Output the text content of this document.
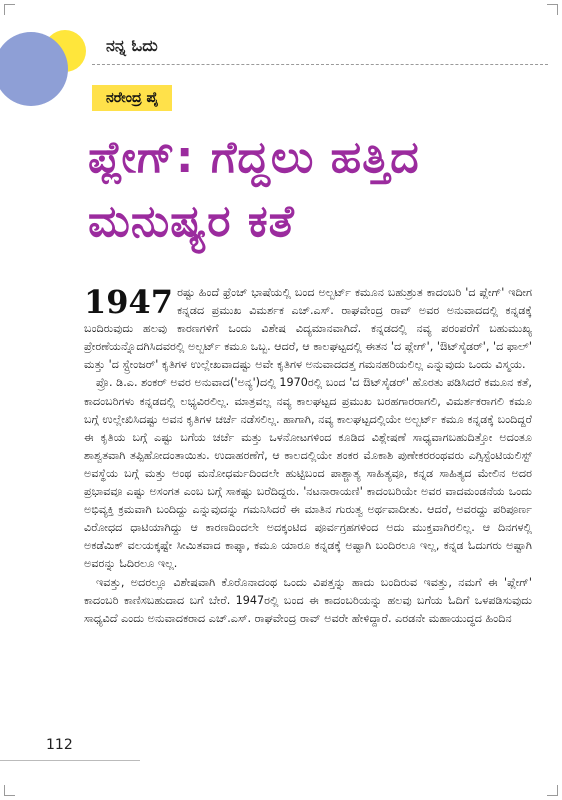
ನನ್ನ ಓದು
ನರೇಂದ್ರ ಪೈ
ಪ್ಲೇಗ್: ಗೆದ್ದಲು ಹತ್ತಿದ ಮನುಷ್ಯರ ಕತೆ

1947 ರಷ್ಟು ಹಿಂದೆ ಫ್ರೆಂಚ್ ಭಾಷೆಯಲ್ಲಿ ಬಂದ ಅಲ್ಬರ್ಟ್ ಕಮೂನ ಬಹುಶ್ರುತ ಕಾದಂಬರಿ 'ದ ಪ್ಲೇಗ್' ಇದೀಗ ಕನ್ನಡದ ಪ್ರಮುಖ ವಿಮರ್ಶಕ ಎಚ್.ಎಸ್. ರಾಘವೇಂದ್ರ ರಾವ್ ಅವರ ಅನುವಾದದಲ್ಲಿ ಕನ್ನಡಕ್ಕೆ ಬಂದಿರುವುದು ಹಲವು ಕಾರಣಗಳಿಗೆ ಒಂದು ವಿಶೇಷ ವಿದ್ಯಮಾನವಾಗಿದೆ. ಕನ್ನಡದಲ್ಲಿ ನವ್ಯ ಪರಂಪರೆಗೆ ಬಹುಮುಖ್ಯ ಪ್ರೇರಣೆಯನ್ನೊದಗಿಸಿದವರಲ್ಲಿ ಅಲ್ಬರ್ಟ್ ಕಮೂ ಒಬ್ಬ. ಆದರೆ, ಆ ಕಾಲಘಟ್ಟದಲ್ಲಿ ಈತನ 'ದ ಪ್ಲೇಗ್', 'ಔಟ್‌ಸೈಡರ್', 'ದ ಫಾಲ್' ಮತ್ತು 'ದ ಸ್ಟ್ರೇಂಜರ್' ಕೃತಿಗಳ ಉಲ್ಲೇಖವಾದಷ್ಟು ಅವೇ ಕೃತಿಗಳ ಅನುವಾದದತ್ತ ಗಮನಹರಿಯಲಿಲ್ಲ ಎನ್ನುವುದು ಒಂದು ವಿಸ್ಮಯ.

ಪ್ರೊ. ಡಿ.ಎ. ಶಂಕರ್ ಅವರ ಅನುವಾದ('ಅನ್ಯ')ದಲ್ಲಿ 1970ರಲ್ಲಿ ಬಂದ 'ದ ಔಟ್‌ಸೈಡರ್' ಹೊರತು ಪಡಿಸಿದರೆ ಕಮೂನ ಕತೆ, ಕಾದಂಬರಿಗಳು ಕನ್ನಡದಲ್ಲಿ ಲಭ್ಯವಿರಲಿಲ್ಲ. ಮಾತ್ರವಲ್ಲ ನವ್ಯ ಕಾಲಘಟ್ಟದ ಪ್ರಮುಖ ಬರಹಗಾರರಾಗಲಿ, ವಿಮರ್ಶಕರಾಗಲಿ ಕಮೂ ಬಗ್ಗೆ ಉಲ್ಲೇಖಿಸಿದಷ್ಟು ಅವನ ಕೃತಿಗಳ ಚರ್ಚೆ ನಡೆಸಲಿಲ್ಲ. ಹಾಗಾಗಿ, ನವ್ಯ ಕಾಲಘಟ್ಟದಲ್ಲಿಯೇ ಅಲ್ಬರ್ಟ್ ಕಮೂ ಕನ್ನಡಕ್ಕೆ ಬಂದಿದ್ದರೆ ಈ ಕೃತಿಯ ಬಗ್ಗೆ ಎಷ್ಟು ಬಗೆಯ ಚರ್ಚೆ ಮತ್ತು ಒಳನೋಟಗಳಿಂದ ಕೂಡಿದ ವಿಶ್ಲೇಷಣೆ ಸಾಧ್ಯವಾಗಬಹುದಿತ್ತೋ ಅದಂತೂ ಶಾಶ್ವತವಾಗಿ ತಪ್ಪಿಹೋದಂತಾಯಿತು. ಉದಾಹರಣೆಗೆ, ಆ ಕಾಲದಲ್ಲಿಯೇ ಶಂಕರ ಮೊಕಾಶಿ ಪುಣೇಕರರಂಥವರು ಎಗ್ಸಿಸ್ಟೆಂಟಿಯಲಿಸ್ಟ್ ಅವಸ್ಥೆಯ ಬಗ್ಗೆ ಮತ್ತು ಅಂಥ ಮನೋಧರ್ಮದಿಂದಲೇ ಹುಟ್ಟಿಬಂದ ಪಾಶ್ಚಾತ್ಯ ಸಾಹಿತ್ಯವೂ, ಕನ್ನಡ ಸಾಹಿತ್ಯದ ಮೇಲಿನ ಅದರ ಪ್ರಭಾವವೂ ಎಷ್ಟು ಅಸಂಗತ ಎಂಬ ಬಗ್ಗೆ ಸಾಕಷ್ಟು ಬರೆದಿದ್ದರು. 'ನಟನಾರಾಯಣಿ' ಕಾದಂಬರಿಯೇ ಅವರ ವಾದಮಂಡನೆಯ ಒಂದು ಅಭಿವ್ಯಕ್ತಿ ಕ್ರಮವಾಗಿ ಬಂದಿದ್ದು ಎನ್ನುವುದನ್ನು ಗಮನಿಸಿದರೆ ಈ ಮಾತಿನ ಗುರುತ್ವ ಅರ್ಥವಾದೀತು. ಆದರೆ, ಅವರದ್ದು ಪರಿಪೂರ್ಣ ವಿರೋಧದ ಧಾಟಿಯಾಗಿದ್ದು ಆ ಕಾರಣದಿಂದಲೇ ಅದಕ್ಕಂಟಿದ ಪೂರ್ವಗ್ರಹಗಳಿಂದ ಅದು ಮುಕ್ತವಾಗಿರಲಿಲ್ಲ. ಆ ದಿನಗಳಲ್ಲಿ ಅಕಡೆಮಿಕ್ ವಲಯಕ್ಕಷ್ಟೇ ಸೀಮಿತವಾದ ಕಾಫ್ಕಾ, ಕಮೂ ಯಾರೂ ಕನ್ನಡಕ್ಕೆ ಅಷ್ಟಾಗಿ ಬಂದಿರಲೂ ಇಲ್ಲ, ಕನ್ನಡ ಓದುಗರು ಅಷ್ಟಾಗಿ ಅವರನ್ನು ಓದಿರಲೂ ಇಲ್ಲ.

ಇವತ್ತು, ಅದರಲ್ಲೂ ವಿಶೇಷವಾಗಿ ಕೊರೊನಾದಂಥ ಒಂದು ವಿಪತ್ತನ್ನು ಹಾದು ಬಂದಿರುವ ಇವತ್ತು, ನಮಗೆ ಈ 'ಪ್ಲೇಗ್' ಕಾದಂಬರಿ ಕಾಣಿಸಬಹುದಾದ ಬಗೆ ಬೇರೆ. 1947ರಲ್ಲಿ ಬಂದ ಈ ಕಾದಂಬರಿಯನ್ನು ಹಲವು ಬಗೆಯ ಓದಿಗೆ ಒಳಪಡಿಸುವುದು ಸಾಧ್ಯವಿದೆ ಎಂದು ಅನುವಾದಕರಾದ ಎಚ್.ಎಸ್. ರಾಘವೇಂದ್ರ ರಾವ್ ಅವರೇ ಹೇಳಿದ್ದಾರೆ. ಎರಡನೇ ಮಹಾಯುದ್ಧದ ಹಿಂದಿನ

112
